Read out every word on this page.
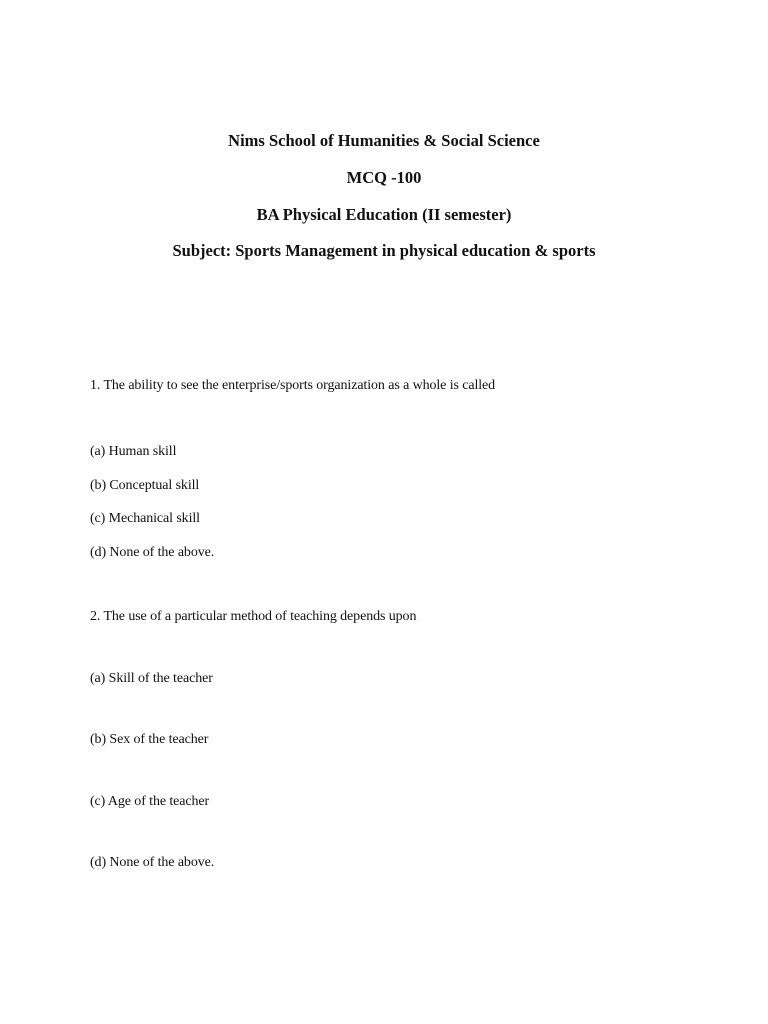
Nims School of Humanities & Social Science
MCQ -100
BA Physical Education (II semester)
Subject: Sports Management in physical education & sports
1. The ability to see the enterprise/sports organization as a whole is called
(a) Human skill
(b) Conceptual skill
(c) Mechanical skill
(d) None of the above.
2. The use of a particular method of teaching depends upon
(a) Skill of the teacher
(b) Sex of the teacher
(c) Age of the teacher
(d) None of the above.
